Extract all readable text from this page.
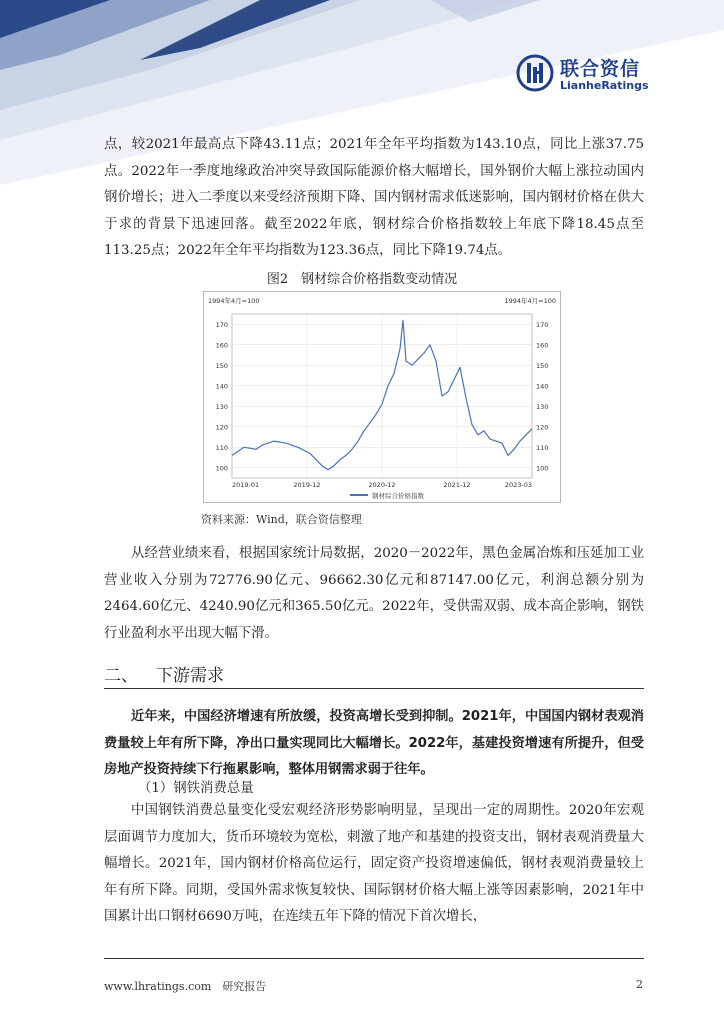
联合资信
LianheRatings

点，较2021年最高点下降43.11点；2021年全年平均指数为143.10点，同比上涨37.75点。2022年一季度地缘政治冲突导致国际能源价格大幅增长，国外钢价大幅上涨拉动国内钢价增长；进入二季度以来受经济预期下降、国内钢材需求低迷影响，国内钢材价格在供大于求的背景下迅速回落。截至2022年底，钢材综合价格指数较上年底下降18.45点至113.25点；2022年全年平均指数为123.36点，同比下降19.74点。

图2　钢材综合价格指数变动情况
1994年4月=100	1994年4月=100
100	100
110	110
120	120
130	130
140	140
150	150
160	160
170	170
2019-01	2019-12	2020-12	2021-12	2023-03
钢材综合价格指数
资料来源：Wind，联合资信整理

从经营业绩来看，根据国家统计局数据，2020－2022年，黑色金属冶炼和压延加工业营业收入分别为72776.90亿元、96662.30亿元和87147.00亿元，利润总额分别为2464.60亿元、4240.90亿元和365.50亿元。2022年，受供需双弱、成本高企影响，钢铁行业盈利水平出现大幅下滑。

二、 下游需求

近年来，中国经济增速有所放缓，投资高增长受到抑制。2021年，中国国内钢材表观消费量较上年有所下降，净出口量实现同比大幅增长。2022年，基建投资增速有所提升，但受房地产投资持续下行拖累影响，整体用钢需求弱于往年。

（1）钢铁消费总量

中国钢铁消费总量变化受宏观经济形势影响明显，呈现出一定的周期性。2020年宏观层面调节力度加大，货币环境较为宽松，刺激了地产和基建的投资支出，钢材表观消费量大幅增长。2021年，国内钢材价格高位运行，固定资产投资增速偏低，钢材表观消费量较上年有所下降。同期，受国外需求恢复较快、国际钢材价格大幅上涨等因素影响，2021年中国累计出口钢材6690万吨，在连续五年下降的情况下首次增长，

www.lhratings.com　研究报告	2
